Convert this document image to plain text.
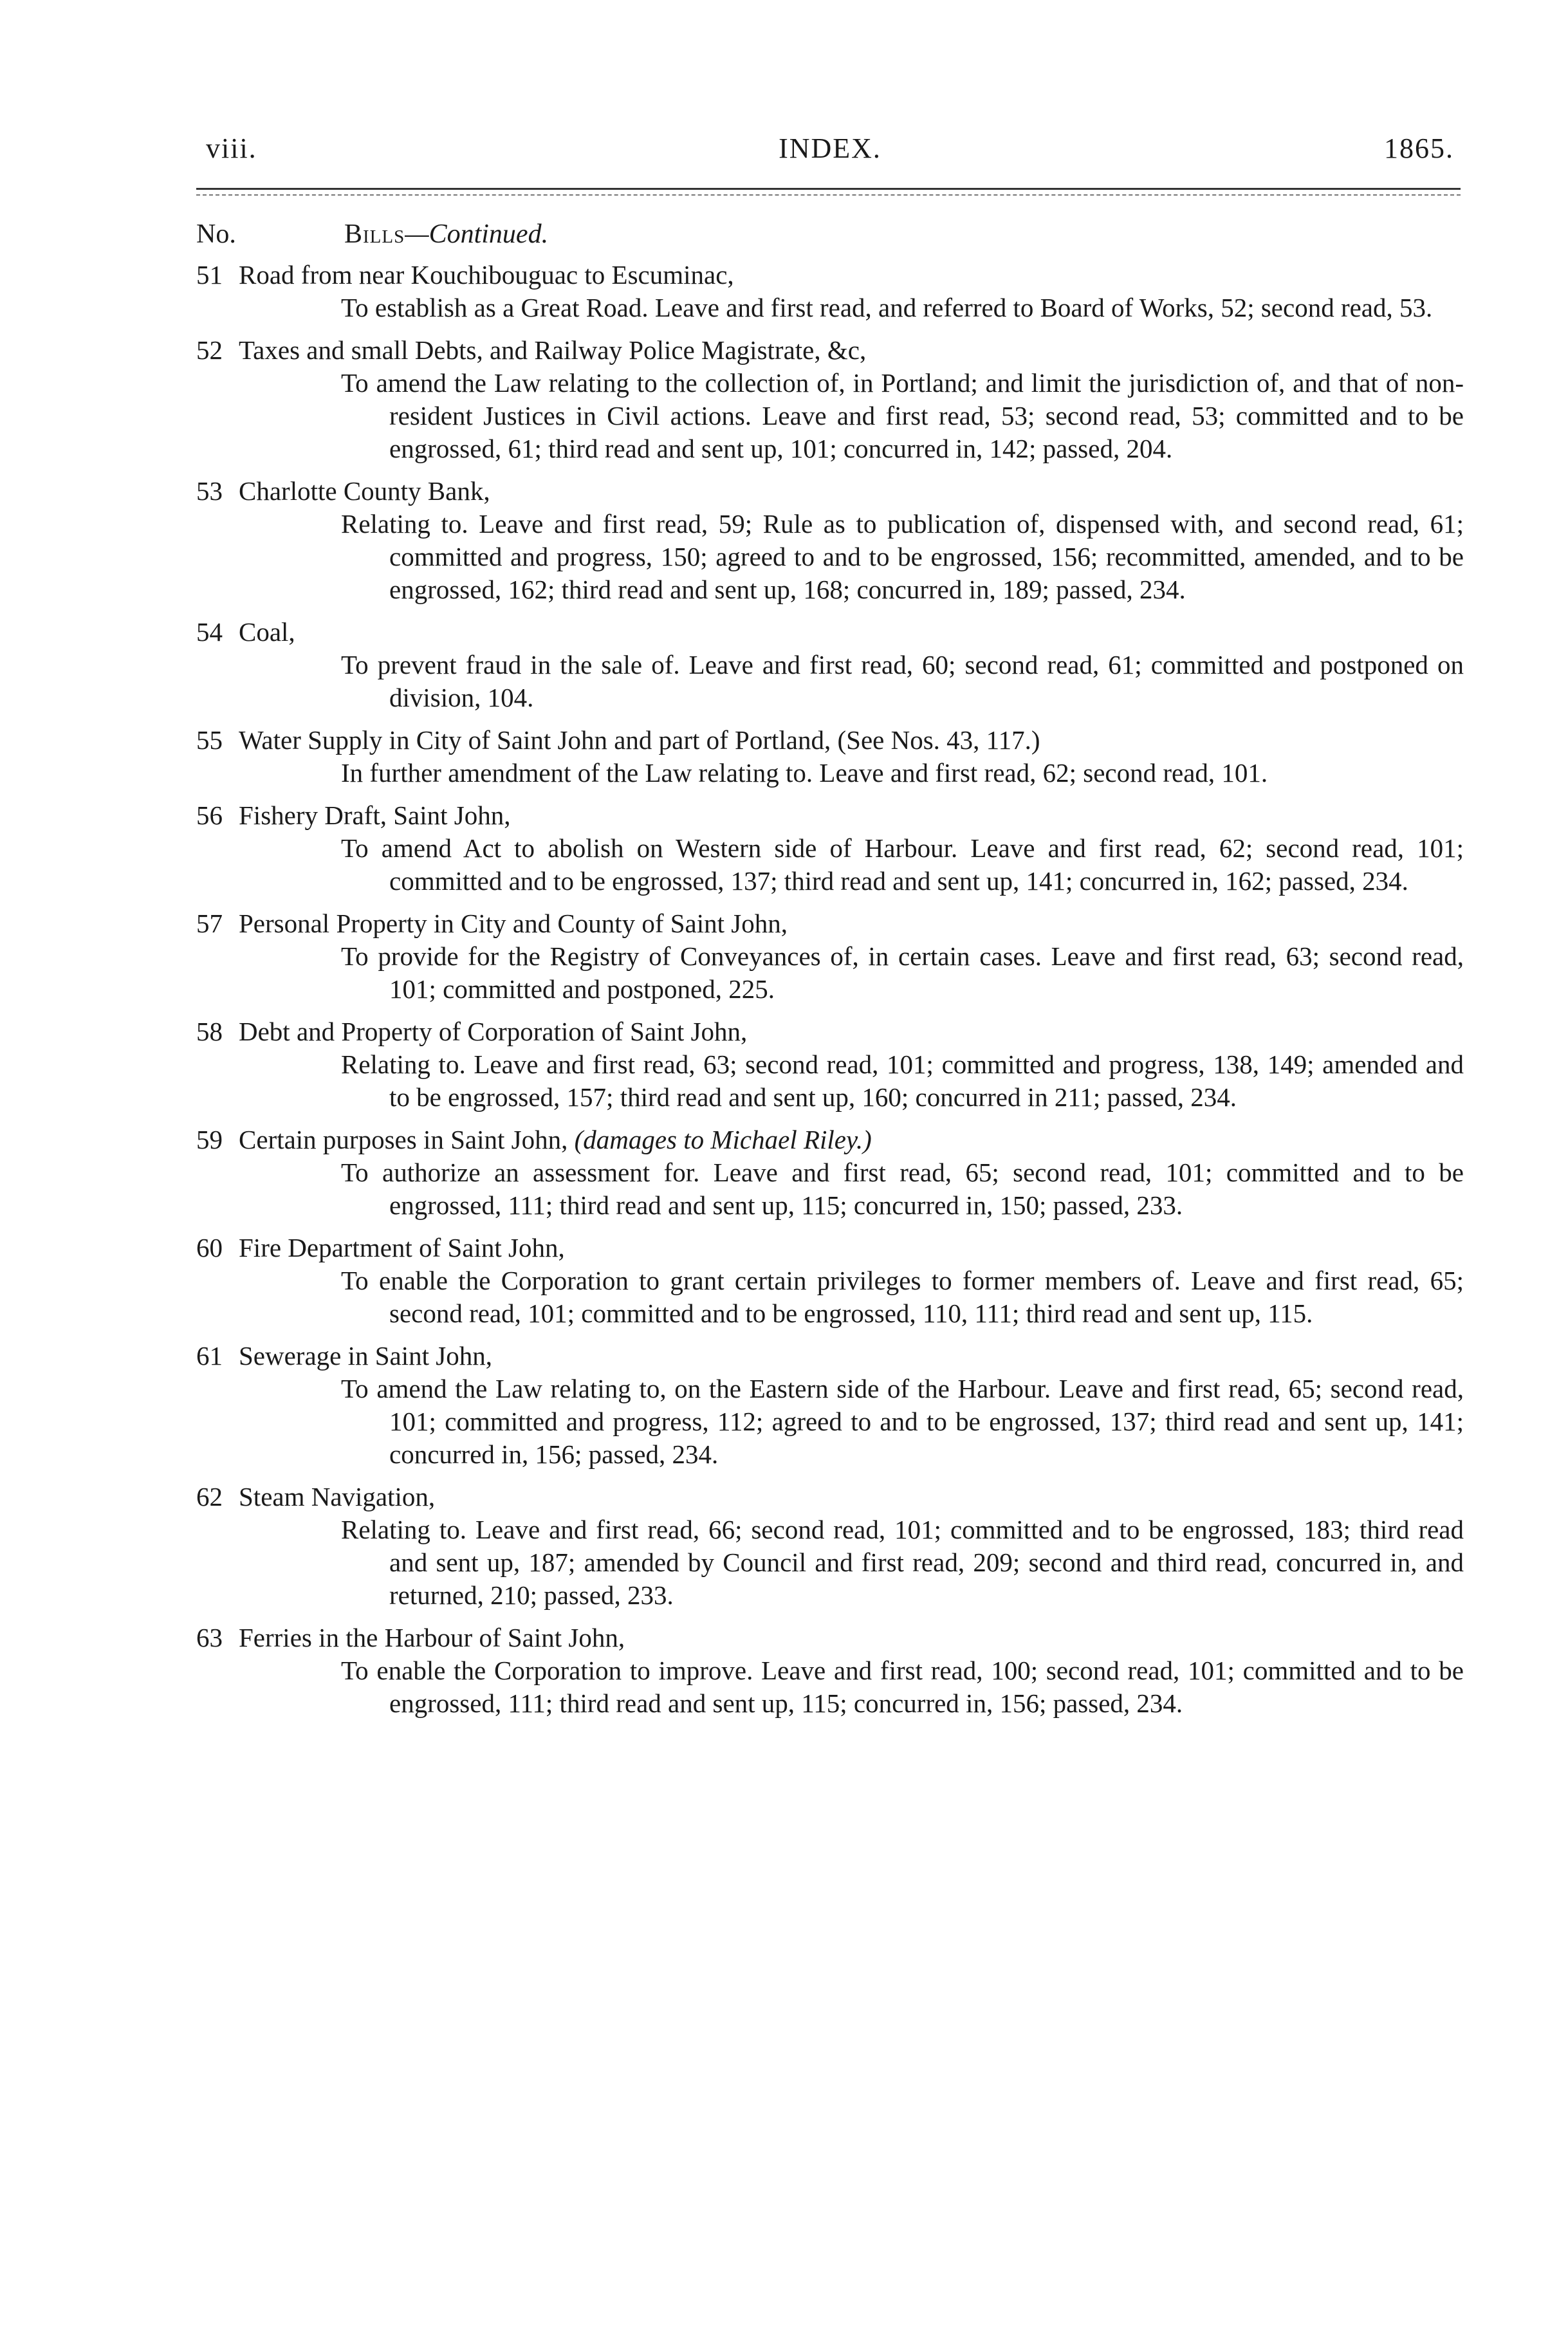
viii.	INDEX.	1865.
No.	Bills—Continued.
51 Road from near Kouchibouguac to Escuminac,
To establish as a Great Road. Leave and first read, and referred to Board of Works, 52; second read, 53.
52 Taxes and small Debts, and Railway Police Magistrate, &c,
To amend the Law relating to the collection of, in Portland; and limit the jurisdiction of, and that of non-resident Justices in Civil actions. Leave and first read, 53; second read, 53; committed and to be engrossed, 61; third read and sent up, 101; concurred in, 142; passed, 204.
53 Charlotte County Bank,
Relating to. Leave and first read, 59; Rule as to publication of, dispensed with, and second read, 61; committed and progress, 150; agreed to and to be engrossed, 156; recommitted, amended, and to be engrossed, 162; third read and sent up, 168; concurred in, 189; passed, 234.
54 Coal,
To prevent fraud in the sale of. Leave and first read, 60; second read, 61; committed and postponed on division, 104.
55 Water Supply in City of Saint John and part of Portland, (See Nos. 43, 117.)
In further amendment of the Law relating to. Leave and first read, 62; second read, 101.
56 Fishery Draft, Saint John,
To amend Act to abolish on Western side of Harbour. Leave and first read, 62; second read, 101; committed and to be engrossed, 137; third read and sent up, 141; concurred in, 162; passed, 234.
57 Personal Property in City and County of Saint John,
To provide for the Registry of Conveyances of, in certain cases. Leave and first read, 63; second read, 101; committed and postponed, 225.
58 Debt and Property of Corporation of Saint John,
Relating to. Leave and first read, 63; second read, 101; committed and progress, 138, 149; amended and to be engrossed, 157; third read and sent up, 160; concurred in 211; passed, 234.
59 Certain purposes in Saint John, (damages to Michael Riley.)
To authorize an assessment for. Leave and first read, 65; second read, 101; committed and to be engrossed, 111; third read and sent up, 115; concurred in, 150; passed, 233.
60 Fire Department of Saint John,
To enable the Corporation to grant certain privileges to former members of. Leave and first read, 65; second read, 101; committed and to be engrossed, 110, 111; third read and sent up, 115.
61 Sewerage in Saint John,
To amend the Law relating to, on the Eastern side of the Harbour. Leave and first read, 65; second read, 101; committed and progress, 112; agreed to and to be engrossed, 137; third read and sent up, 141; concurred in, 156; passed, 234.
62 Steam Navigation,
Relating to. Leave and first read, 66; second read, 101; committed and to be engrossed, 183; third read and sent up, 187; amended by Council and first read, 209; second and third read, concurred in, and returned, 210; passed, 233.
63 Ferries in the Harbour of Saint John,
To enable the Corporation to improve. Leave and first read, 100; second read, 101; committed and to be engrossed, 111; third read and sent up, 115; concurred in, 156; passed, 234.
